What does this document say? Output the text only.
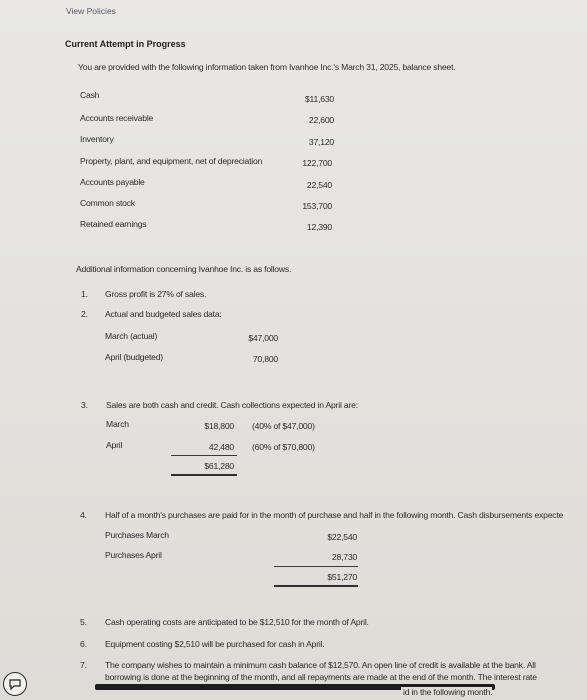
View Policies
Current Attempt in Progress
You are provided with the following information taken from Ivanhoe Inc.'s March 31, 2025, balance sheet.
Cash	$11,630
Accounts receivable	22,600
Inventory	37,120
Property, plant, and equipment, net of depreciation	122,700
Accounts payable	22,540
Common stock	153,700
Retained earnings	12,390
Additional information concerning Ivanhoe Inc. is as follows.
1. Gross profit is 27% of sales.
2. Actual and budgeted sales data:
March (actual)	$47,000
April (budgeted)	70,800
3. Sales are both cash and credit. Cash collections expected in April are:
March	$18,800 (40% of $47,000)
April	42,480 (60% of $70,800)
$61,280
4. Half of a month's purchases are paid for in the month of purchase and half in the following month. Cash disbursements expecte
Purchases March	$22,540
Purchases April	28,730
$51,270
5. Cash operating costs are anticipated to be $12,510 for the month of April.
6. Equipment costing $2,510 will be purchased for cash in April.
7. The company wishes to maintain a minimum cash balance of $12,570. An open line of credit is available at the bank. All
borrowing is done at the beginning of the month, and all repayments are made at the end of the month. The interest rate
id in the following month.
